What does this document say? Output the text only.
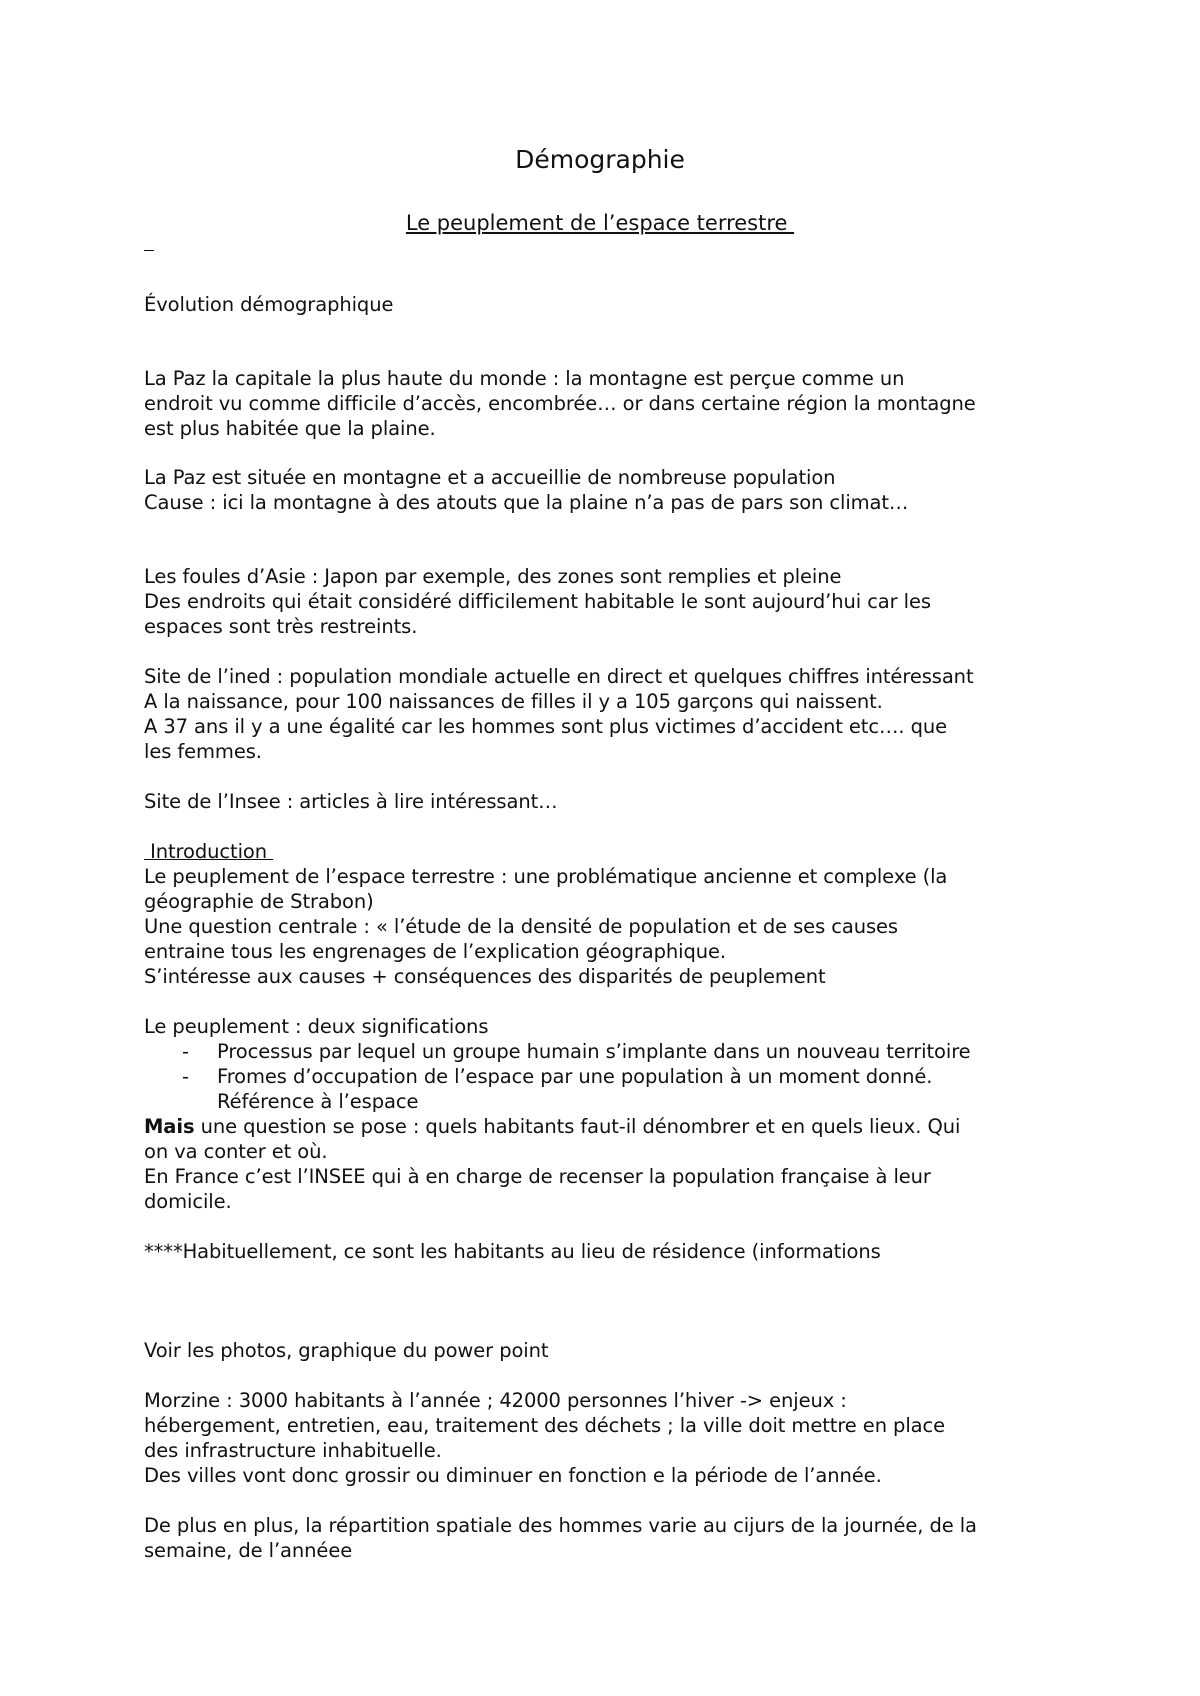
Démographie
Le peuplement de l’espace terrestre
Évolution démographique
La Paz la capitale la plus haute du monde : la montagne est perçue comme un
endroit vu comme difficile d’accès, encombrée… or dans certaine région la montagne
est plus habitée que la plaine.
La Paz est située en montagne et a accueillie de nombreuse population
Cause : ici la montagne à des atouts que la plaine n’a pas de pars son climat…
Les foules d’Asie : Japon par exemple, des zones sont remplies et pleine
Des endroits qui était considéré difficilement habitable le sont aujourd’hui car les
espaces sont très restreints.
Site de l’ined : population mondiale actuelle en direct et quelques chiffres intéressant
A la naissance, pour 100 naissances de filles il y a 105 garçons qui naissent.
A 37 ans il y a une égalité car les hommes sont plus victimes d’accident etc…. que
les femmes.
Site de l’Insee : articles à lire intéressant…
Introduction
Le peuplement de l’espace terrestre : une problématique ancienne et complexe (la
géographie de Strabon)
Une question centrale : « l’étude de la densité de population et de ses causes
entraine tous les engrenages de l’explication géographique.
S’intéresse aux causes + conséquences des disparités de peuplement
Le peuplement : deux significations
- Processus par lequel un groupe humain s’implante dans un nouveau territoire
- Fromes d’occupation de l’espace par une population à un moment donné.
Référence à l’espace
Mais une question se pose : quels habitants faut-il dénombrer et en quels lieux. Qui
on va conter et où.
En France c’est l’INSEE qui à en charge de recenser la population française à leur
domicile.
****Habituellement, ce sont les habitants au lieu de résidence (informations
Voir les photos, graphique du power point
Morzine : 3000 habitants à l’année ; 42000 personnes l’hiver -> enjeux :
hébergement, entretien, eau, traitement des déchets ; la ville doit mettre en place
des infrastructure inhabituelle.
Des villes vont donc grossir ou diminuer en fonction e la période de l’année.
De plus en plus, la répartition spatiale des hommes varie au cijurs de la journée, de la
semaine, de l’annéee
